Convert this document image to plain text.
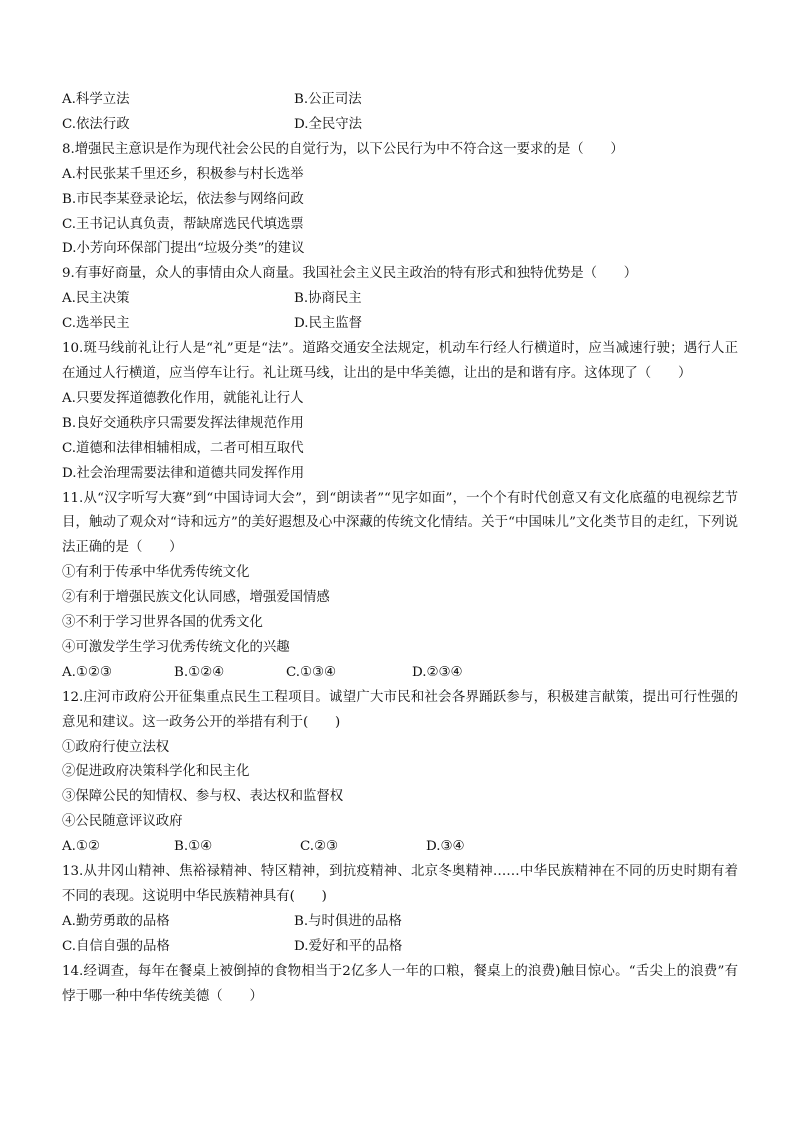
A.科学立法	B.公正司法
C.依法行政	D.全民守法
8.增强民主意识是作为现代社会公民的自觉行为，以下公民行为中不符合这一要求的是（　　）
A.村民张某千里还乡，积极参与村长选举
B.市民李某登录论坛，依法参与网络问政
C.王书记认真负责，帮缺席选民代填选票
D.小芳向环保部门提出“垃圾分类”的建议
9.有事好商量，众人的事情由众人商量。我国社会主义民主政治的特有形式和独特优势是（　　）
A.民主决策	B.协商民主
C.选举民主	D.民主监督
10.斑马线前礼让行人是“礼”更是“法”。道路交通安全法规定，机动车行经人行横道时，应当减速行驶；遇行人正在通过人行横道，应当停车让行。礼让斑马线，让出的是中华美德，让出的是和谐有序。这体现了（　　）
A.只要发挥道德教化作用，就能礼让行人
B.良好交通秩序只需要发挥法律规范作用
C.道德和法律相辅相成，二者可相互取代
D.社会治理需要法律和道德共同发挥作用
11.从“汉字听写大赛”到“中国诗词大会”，到“朗读者”“见字如面”，一个个有时代创意又有文化底蕴的电视综艺节目，触动了观众对“诗和远方”的美好遐想及心中深藏的传统文化情结。关于“中国味儿”文化类节目的走红，下列说法正确的是（　　）
①有利于传承中华优秀传统文化
②有利于增强民族文化认同感，增强爱国情感
③不利于学习世界各国的优秀文化
④可激发学生学习优秀传统文化的兴趣
A.①②③	B.①②④	C.①③④	D.②③④
12.庄河市政府公开征集重点民生工程项目。诚望广大市民和社会各界踊跃参与，积极建言献策，提出可行性强的意见和建议。这一政务公开的举措有利于(　　)
①政府行使立法权
②促进政府决策科学化和民主化
③保障公民的知情权、参与权、表达权和监督权
④公民随意评议政府
A.①②	B.①④	C.②③	D.③④
13.从井冈山精神、焦裕禄精神、特区精神，到抗疫精神、北京冬奥精神……中华民族精神在不同的历史时期有着不同的表现。这说明中华民族精神具有(　　)
A.勤劳勇敢的品格	B.与时俱进的品格
C.自信自强的品格	D.爱好和平的品格
14.经调查，每年在餐桌上被倒掉的食物相当于2亿多人一年的口粮，餐桌上的浪费)触目惊心。“舌尖上的浪费”有悖于哪一种中华传统美德（　　）
